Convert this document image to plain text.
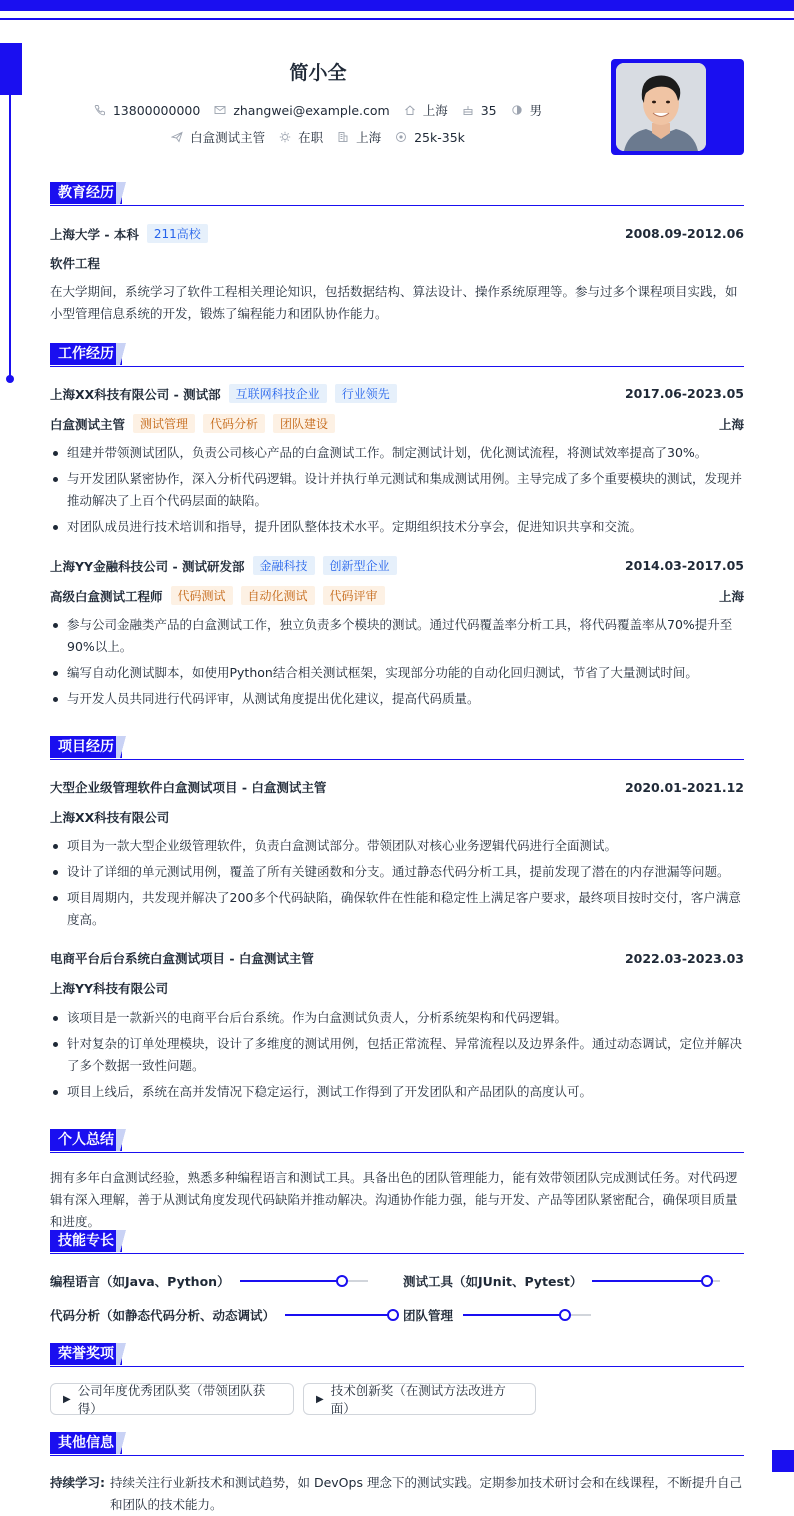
简小全
13800000000	zhangwei@example.com	上海	35	男
白盒测试主管	在职	上海	25k-35k
教育经历
上海大学 - 本科	211高校	2008.09-2012.06
软件工程
在大学期间，系统学习了软件工程相关理论知识，包括数据结构、算法设计、操作系统原理等。参与过多个课程项目实践，如小型管理信息系统的开发，锻炼了编程能力和团队协作能力。
工作经历
上海XX科技有限公司 - 测试部	互联网科技企业	行业领先	2017.06-2023.05
白盒测试主管	测试管理	代码分析	团队建设	上海
组建并带领测试团队，负责公司核心产品的白盒测试工作。制定测试计划，优化测试流程，将测试效率提高了30%。
与开发团队紧密协作，深入分析代码逻辑。设计并执行单元测试和集成测试用例。主导完成了多个重要模块的测试，发现并推动解决了上百个代码层面的缺陷。
对团队成员进行技术培训和指导，提升团队整体技术水平。定期组织技术分享会，促进知识共享和交流。
上海YY金融科技公司 - 测试研发部	金融科技	创新型企业	2014.03-2017.05
高级白盒测试工程师	代码测试	自动化测试	代码评审	上海
参与公司金融类产品的白盒测试工作，独立负责多个模块的测试。通过代码覆盖率分析工具，将代码覆盖率从70%提升至90%以上。
编写自动化测试脚本，如使用Python结合相关测试框架，实现部分功能的自动化回归测试，节省了大量测试时间。
与开发人员共同进行代码评审，从测试角度提出优化建议，提高代码质量。
项目经历
大型企业级管理软件白盒测试项目 - 白盒测试主管	2020.01-2021.12
上海XX科技有限公司
项目为一款大型企业级管理软件，负责白盒测试部分。带领团队对核心业务逻辑代码进行全面测试。
设计了详细的单元测试用例，覆盖了所有关键函数和分支。通过静态代码分析工具，提前发现了潜在的内存泄漏等问题。
项目周期内，共发现并解决了200多个代码缺陷，确保软件在性能和稳定性上满足客户要求，最终项目按时交付，客户满意度高。
电商平台后台系统白盒测试项目 - 白盒测试主管	2022.03-2023.03
上海YY科技有限公司
该项目是一款新兴的电商平台后台系统。作为白盒测试负责人，分析系统架构和代码逻辑。
针对复杂的订单处理模块，设计了多维度的测试用例，包括正常流程、异常流程以及边界条件。通过动态调试，定位并解决了多个数据一致性问题。
项目上线后，系统在高并发情况下稳定运行，测试工作得到了开发团队和产品团队的高度认可。
个人总结
拥有多年白盒测试经验，熟悉多种编程语言和测试工具。具备出色的团队管理能力，能有效带领团队完成测试任务。对代码逻辑有深入理解，善于从测试角度发现代码缺陷并推动解决。沟通协作能力强，能与开发、产品等团队紧密配合，确保项目质量和进度。
技能专长
编程语言（如Java、Python）	测试工具（如JUnit、Pytest）
代码分析（如静态代码分析、动态调试）	团队管理
荣誉奖项
▶
公司年度优秀团队奖（带领团队获得）
▶
技术创新奖（在测试方法改进方面）
其他信息
持续学习: 持续关注行业新技术和测试趋势，如 DevOps 理念下的测试实践。定期参加技术研讨会和在线课程，不断提升自己和团队的技术能力。
